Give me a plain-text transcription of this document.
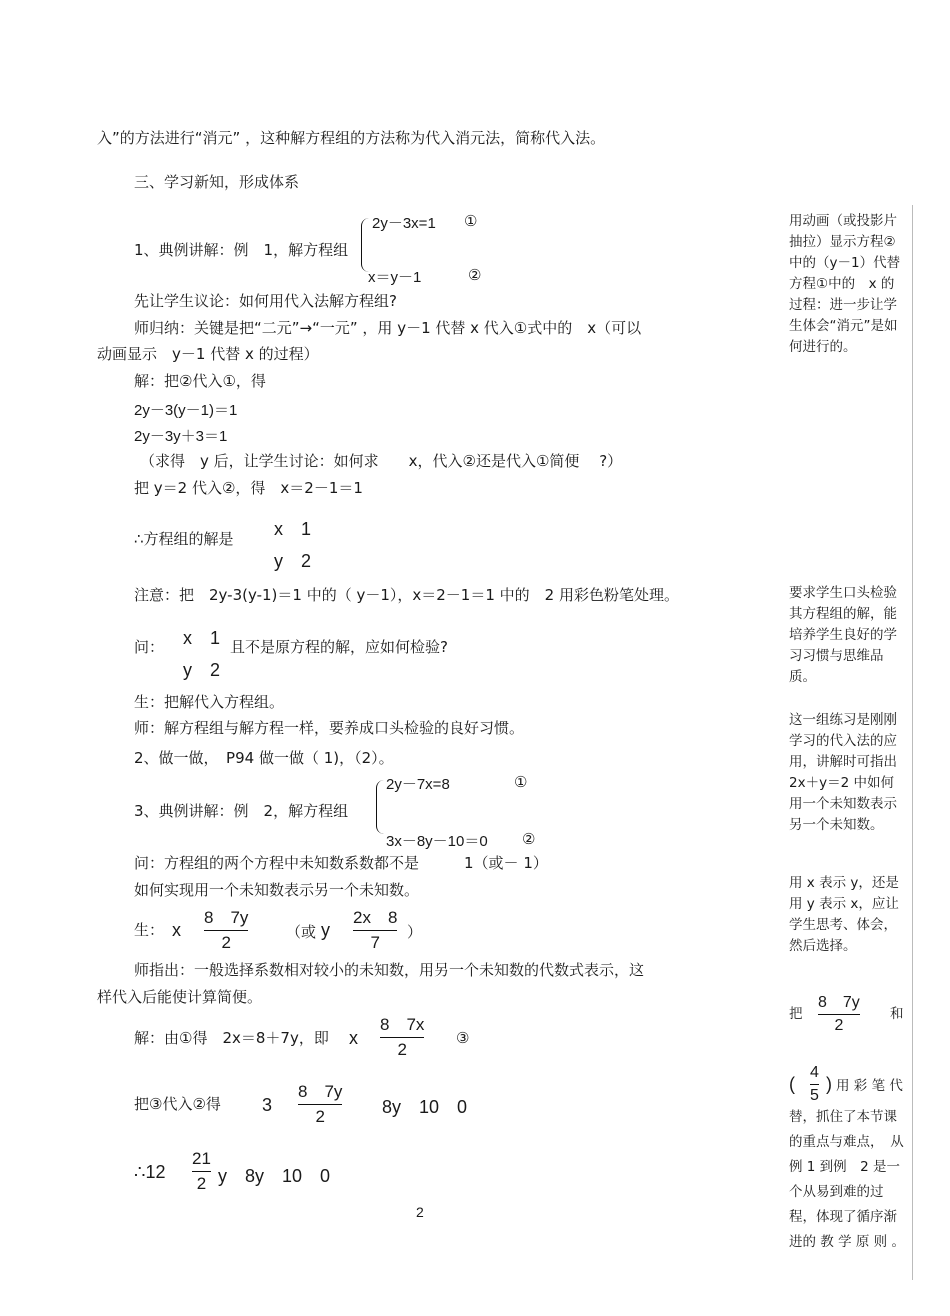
入”的方法进行“消元” ，这种解方程组的方法称为代入消元法，简称代入法。
三、学习新知，形成体系
1、典例讲解：例　1，解方程组
2y－3x=1 ①
x＝y－1	②
先让学生议论：如何用代入法解方程组?
师归纳：关键是把“二元”→“一元” ，用 y－1 代替 x 代入①式中的　x（可以
动画显示　y－1 代替 x 的过程）
解：把②代入①，得
2y－3(y－1)＝1
2y－3y＋3＝1
（求得　y 后，让学生讨论：如何求　　x，代入②还是代入①简便　 ?）
把 y＝2 代入②，得　x＝2－1＝1
∴方程组的解是 x　1
y　2
注意：把　2y-3(y-1)＝1 中的（ y－1），x＝2－1＝1 中的　2 用彩色粉笔处理。
问： x　1
y　2
且不是原方程的解，应如何检验?
生：把解代入方程组。
师：解方程组与解方程一样，要养成口头检验的良好习惯。
2、做一做，　P94 做一做（ 1)，（2）。
3、典例讲解：例　2，解方程组
2y－7x=8	①
3x－8y－10＝0 ②
问：方程组的两个方程中未知数系数都不是　　　1（或－ 1）
如何实现用一个未知数表示另一个未知数。
生： x
8　7y
2
（或 y
2x　8
7
）
师指出：一般选择系数相对较小的未知数，用另一个未知数的代数式表示，这
样代入后能使计算简便。
解：由①得　2x＝8＋7y，即 x
8　7x
2
③
把③代入②得 3
8　7y
2	8y　10　0
∴12
21
2 y　8y　10　0
2
用动画（或投影片抽拉）显示方程②中的（y－1）代替方程①中的　x 的过程：进一步让学生体会“消元”是如何进行的。
要求学生口头检验其方程组的解，能培养学生良好的学习习惯与思维品质。
这一组练习是刚刚学习的代入法的应用，讲解时可指出 2x＋y＝2 中如何用一个未知数表示另一个未知数。
用 x 表示 y，还是用 y 表示 x，应让学生思考、体会，然后选择。
把
8　7y
2
和
(
4
5
) 用 彩 笔 代
替，抓住了本节课的重点与难点，　从例 1 到例　2 是一个从易到难的过程，体现了循序渐进的 教 学 原 则 。
